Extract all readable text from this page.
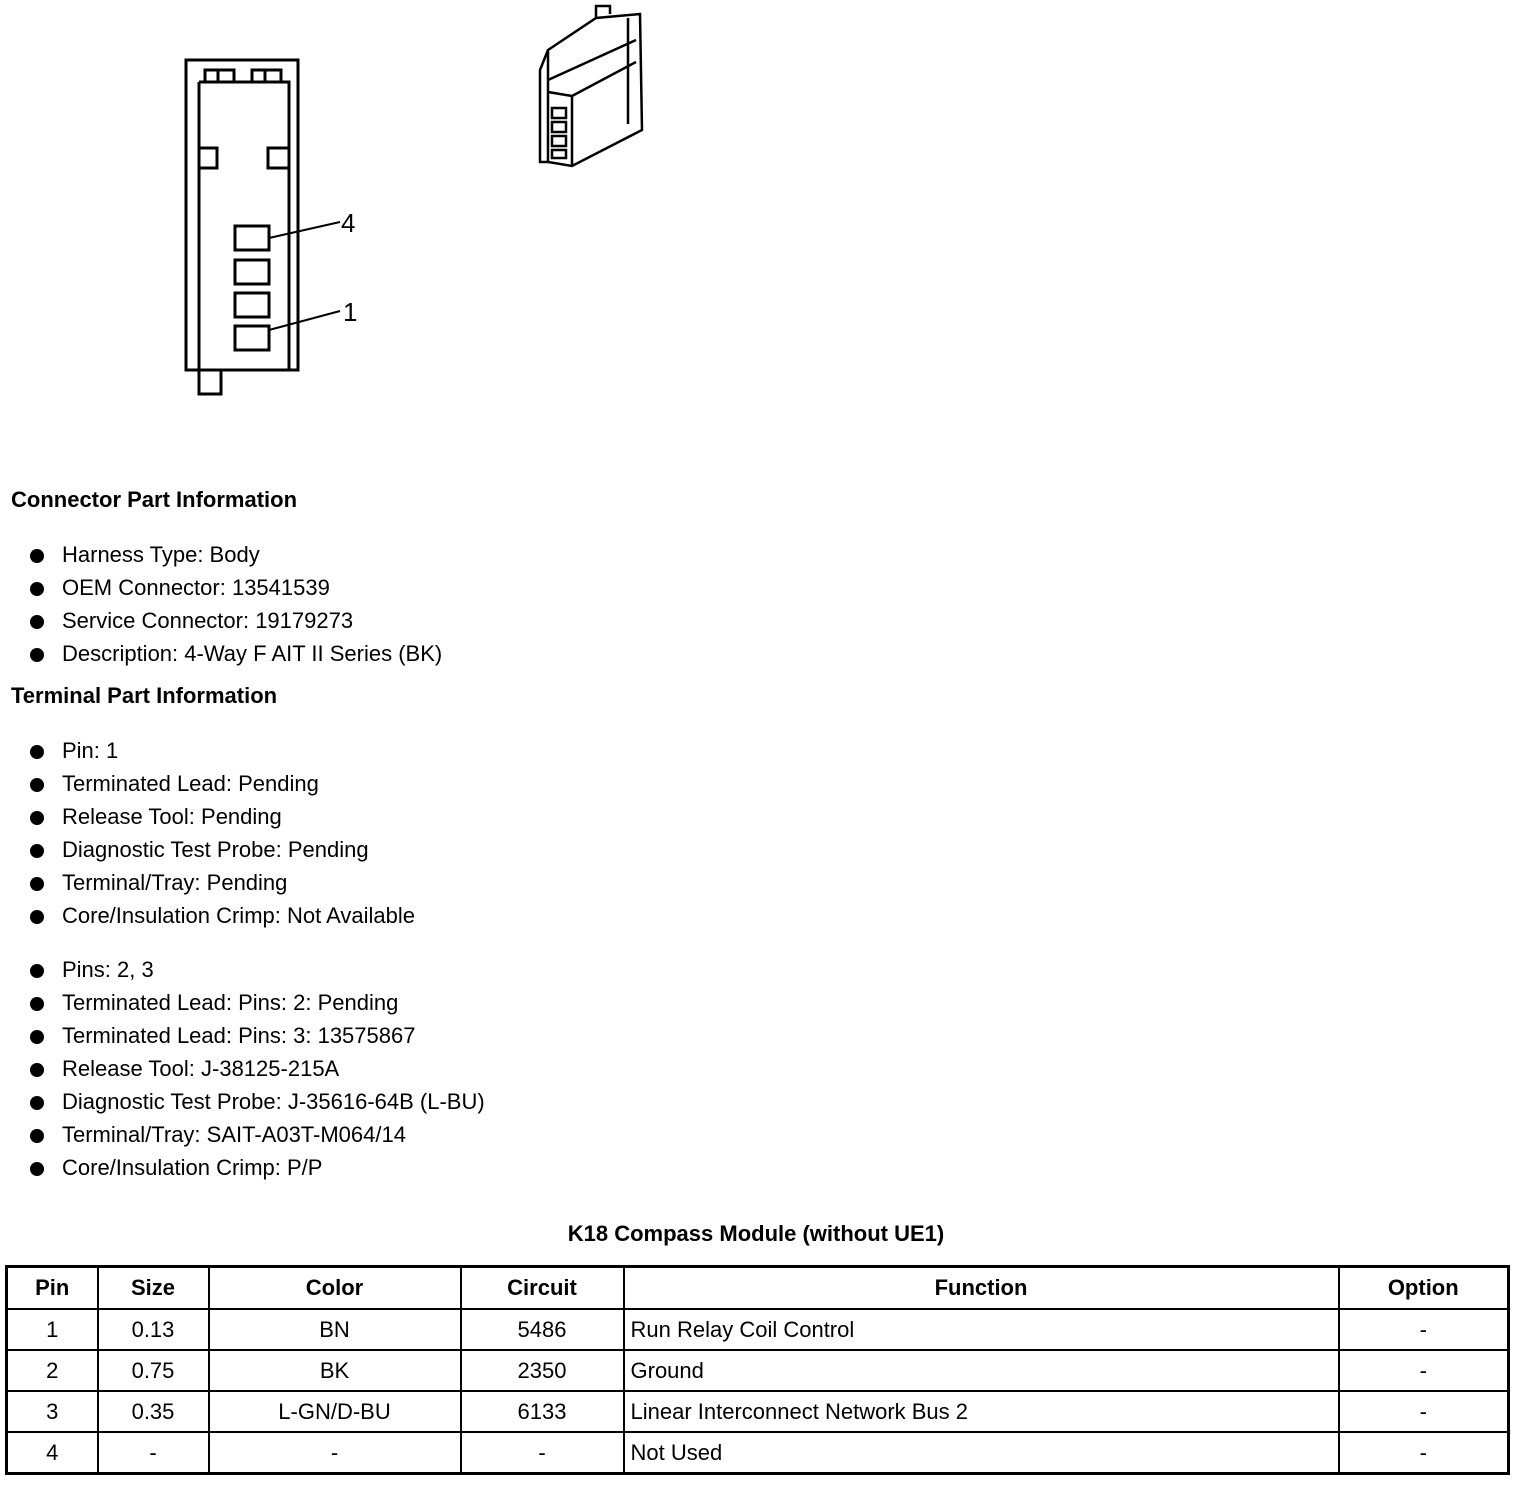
4
1
Connector Part Information
Harness Type: Body
OEM Connector: 13541539
Service Connector: 19179273
Description: 4-Way F AIT II Series (BK)
Terminal Part Information
Pin: 1
Terminated Lead: Pending
Release Tool: Pending
Diagnostic Test Probe: Pending
Terminal/Tray: Pending
Core/Insulation Crimp: Not Available
Pins: 2, 3
Terminated Lead: Pins: 2: Pending
Terminated Lead: Pins: 3: 13575867
Release Tool: J-38125-215A
Diagnostic Test Probe: J-35616-64B (L-BU)
Terminal/Tray: SAIT-A03T-M064/14
Core/Insulation Crimp: P/P
K18 Compass Module (without UE1)
Pin	Size	Color	Circuit	Function	Option
1	0.13	BN	5486	Run Relay Coil Control	-
2	0.75	BK	2350	Ground	-
3	0.35	L-GN/D-BU	6133	Linear Interconnect Network Bus 2	-
4	-	-	-	Not Used	-
